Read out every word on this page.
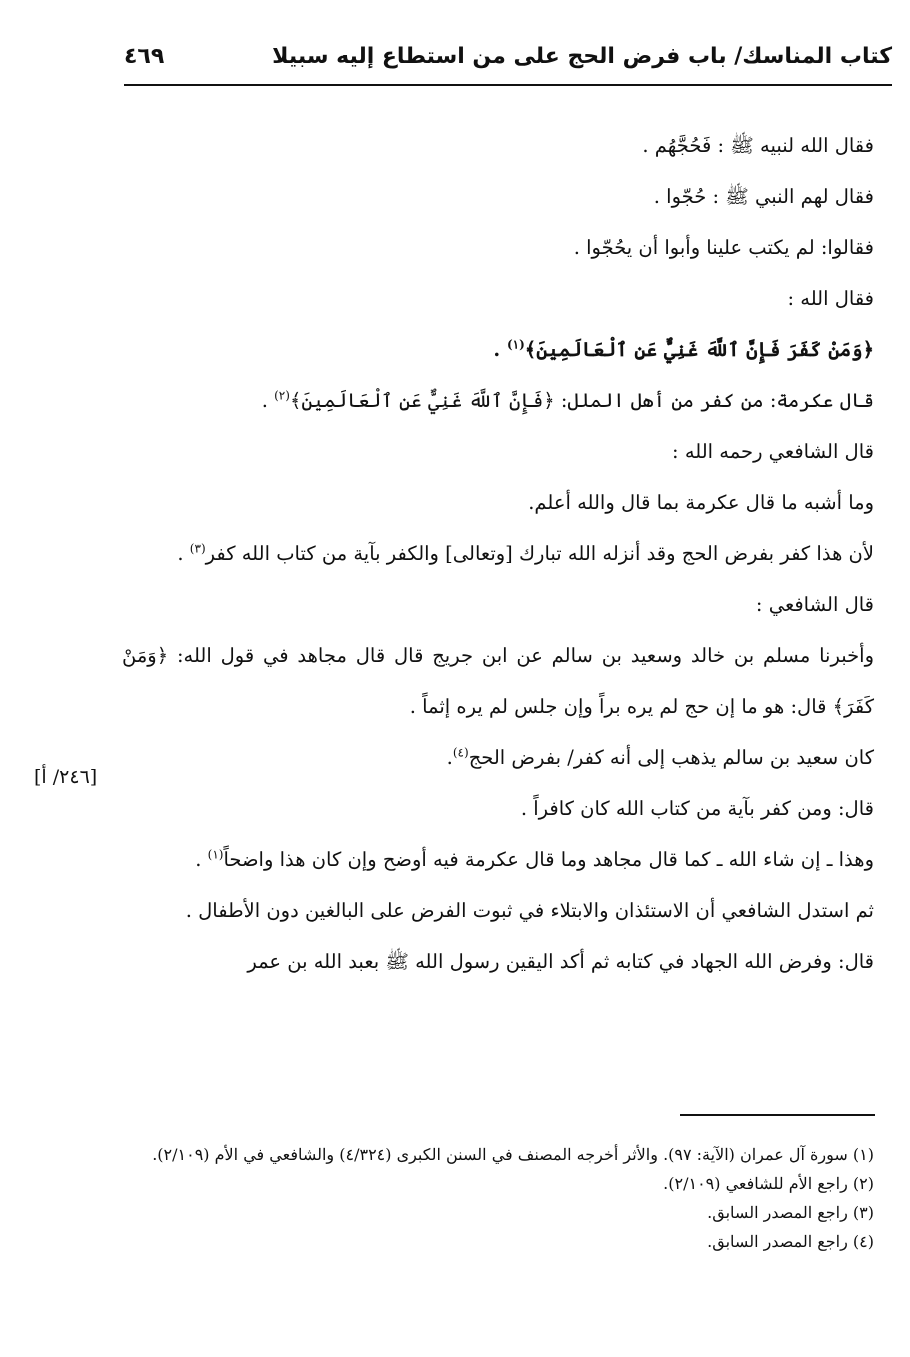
كتاب المناسك/ باب فرض الحج على من استطاع إليه سبيلا
٤٦٩

فقال الله لنبيه ﷺ : فَحُجَّهُم .

فقال لهم النبي ﷺ : حُجّوا .

فقالوا: لم يكتب علينا وأبوا أن يحُجّوا .

فقال الله :

﴿وَمَنْ كَفَرَ فَإِنَّ ٱللَّهَ غَنِيٌّ عَنِ ٱلْعَالَمِينَ﴾$^{(١)}$ .

قال عكرمة: من كفر من أهل الملل: ﴿فَإِنَّ ٱللَّهَ غَنِيٌّ عَنِ ٱلْعَالَمِينَ﴾$^{(٢)}$ .

قال الشافعي رحمه الله :

وما أشبه ما قال عكرمة بما قال والله أعلم.

لأن هذا كفر بفرض الحج وقد أنزله الله تبارك [وتعالى] والكفر بآية من كتاب الله كفر$^{(٣)}$ .

قال الشافعي :

وأخبرنا مسلم بن خالد وسعيد بن سالم عن ابن جريج قال قال مجاهد في قول الله: ﴿وَمَنْ كَفَرَ﴾ قال: هو ما إن حج لم يره براً وإن جلس لم يره إثماً .

كان سعيد بن سالم يذهب إلى أنه كفر/ بفرض الحج$^{(٤)}$.

قال: ومن كفر بآية من كتاب الله كان كافراً .

وهذا ـ إن شاء الله ـ كما قال مجاهد وما قال عكرمة فيه أوضح وإن كان هذا واضحاً$^{(١)}$ .

ثم استدل الشافعي أن الاستئذان والابتلاء في ثبوت الفرض على البالغين دون الأطفال .

قال: وفرض الله الجهاد في كتابه ثم أكد اليقين رسول الله ﷺ بعبد الله بن عمر

[٢٤٦/ أ]

(١) سورة آل عمران (الآية: ٩٧). والأثر أخرجه المصنف في السنن الكبرى (٤/٣٢٤) والشافعي في الأم (٢/١٠٩).

(٢) راجع الأم للشافعي (٢/١٠٩).

(٣) راجع المصدر السابق.

(٤) راجع المصدر السابق.
